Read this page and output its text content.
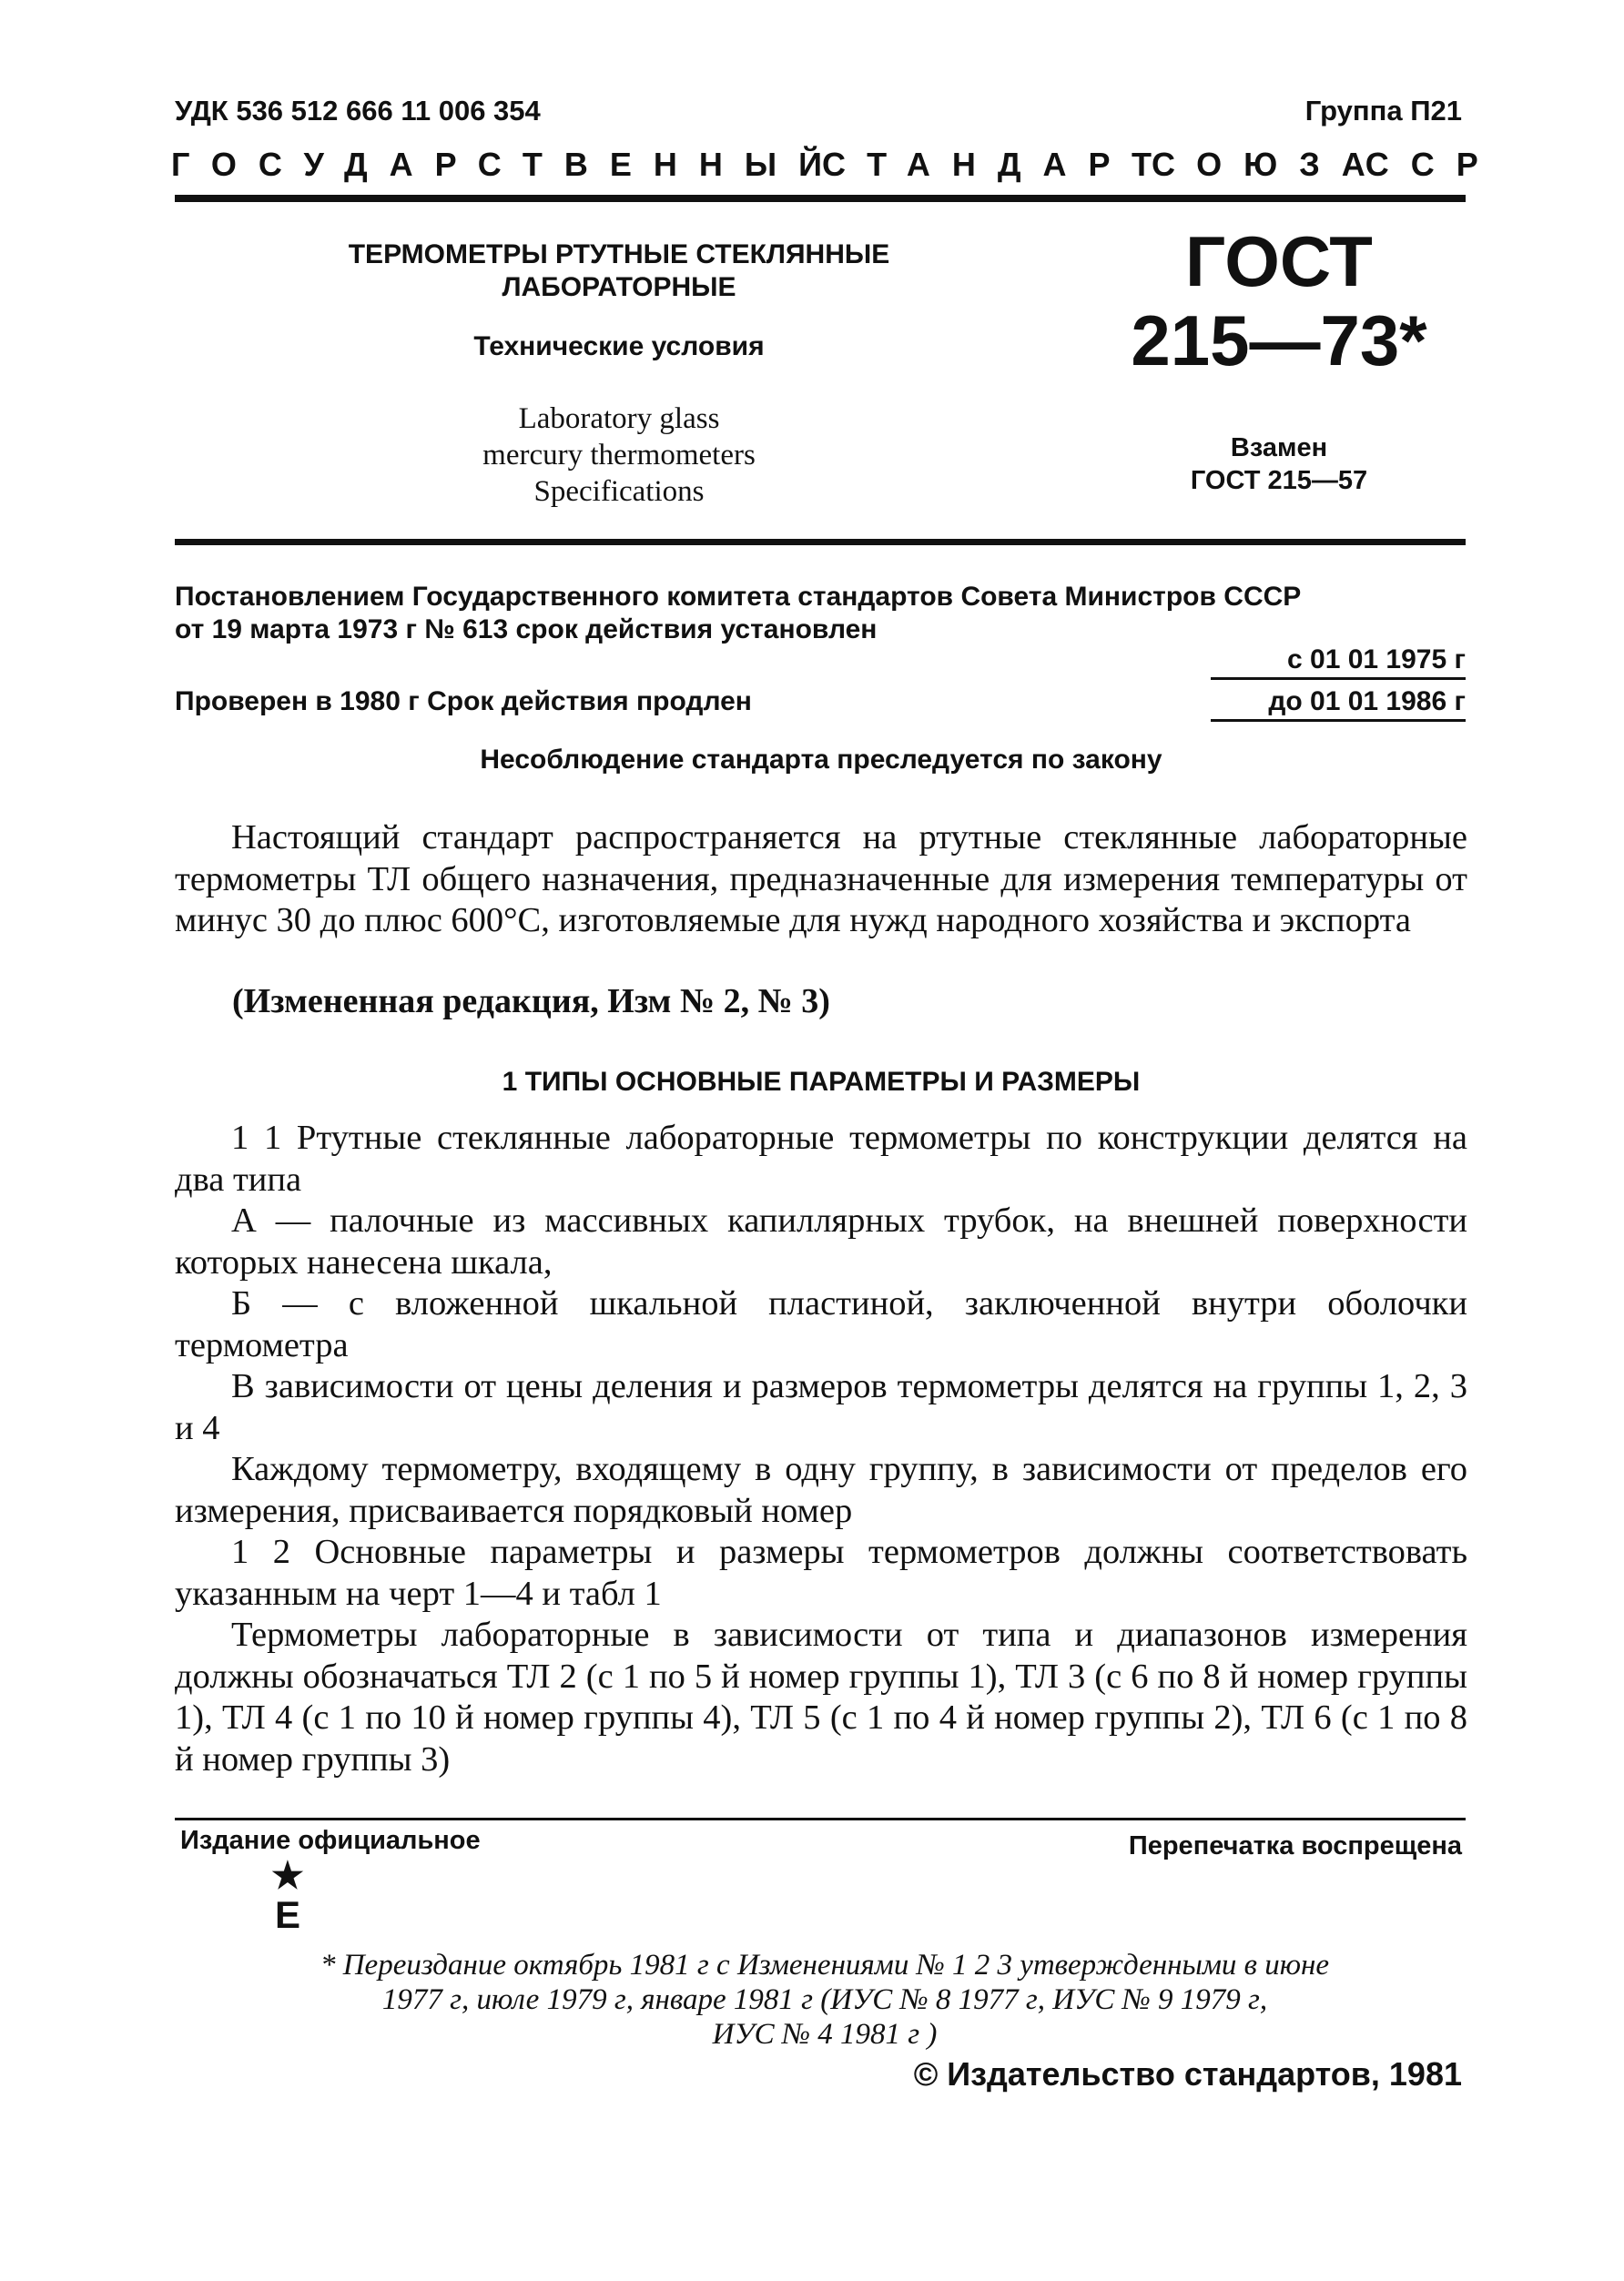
УДК 536 512 666 11 006 354	Группа П21
ГОСУДАРСТВЕННЫЙ
СТАНДАРТ
СОЮЗА
ССР
ТЕРМОМЕТРЫ РТУТНЫЕ СТЕКЛЯННЫЕ
ЛАБОРАТОРНЫЕ
Технические условия
Laboratory glass
mercury thermometers
Specifications
ГОСТ
215—73*
Взамен
ГОСТ 215—57
Постановлением Государственного комитета стандартов Совета Министров СССР
от 19 марта 1973 г № 613 срок действия установлен
с 01 01 1975 г
Проверен в 1980 г Срок действия продлен	до 01 01 1986 г
Несоблюдение стандарта преследуется по закону
Настоящий стандарт распространяется на ртутные стеклянные лабораторные термометры ТЛ общего назначения, предназначенные для измерения температуры от минус 30 до плюс 600°С, изготовляемые для нужд народного хозяйства и экспорта
(Измененная редакция, Изм № 2, № 3)
1 ТИПЫ ОСНОВНЫЕ ПАРАМЕТРЫ И РАЗМЕРЫ

1 1 Ртутные стеклянные лабораторные термометры по конструкции делятся на два типа

А — палочные из массивных капиллярных трубок, на внешней поверхности которых нанесена шкала,

Б — с вложенной шкальной пластиной, заключенной внутри оболочки термометра

В зависимости от цены деления и размеров термометры делятся на группы 1, 2, 3 и 4

Каждому термометру, входящему в одну группу, в зависимости от пределов его измерения, присваивается порядковый номер

1 2 Основные параметры и размеры термометров должны соответствовать указанным на черт 1—4 и табл 1

Термометры лабораторные в зависимости от типа и диапазонов измерения должны обозначаться ТЛ 2 (с 1 по 5 й номер группы 1), ТЛ 3 (с 6 по 8 й номер группы 1), ТЛ 4 (с 1 по 10 й номер группы 4), ТЛ 5 (с 1 по 4 й номер группы 2), ТЛ 6 (с 1 по 8 й номер группы 3)

Издание официальное	Перепечатка воспрещена
★
Е
* Переиздание октябрь 1981 г с Изменениями № 1 2 3 утвержденными в июне
1977 г, июле 1979 г, январе 1981 г (ИУС № 8 1977 г, ИУС № 9 1979 г,
ИУС № 4 1981 г )
© Издательство стандартов, 1981
